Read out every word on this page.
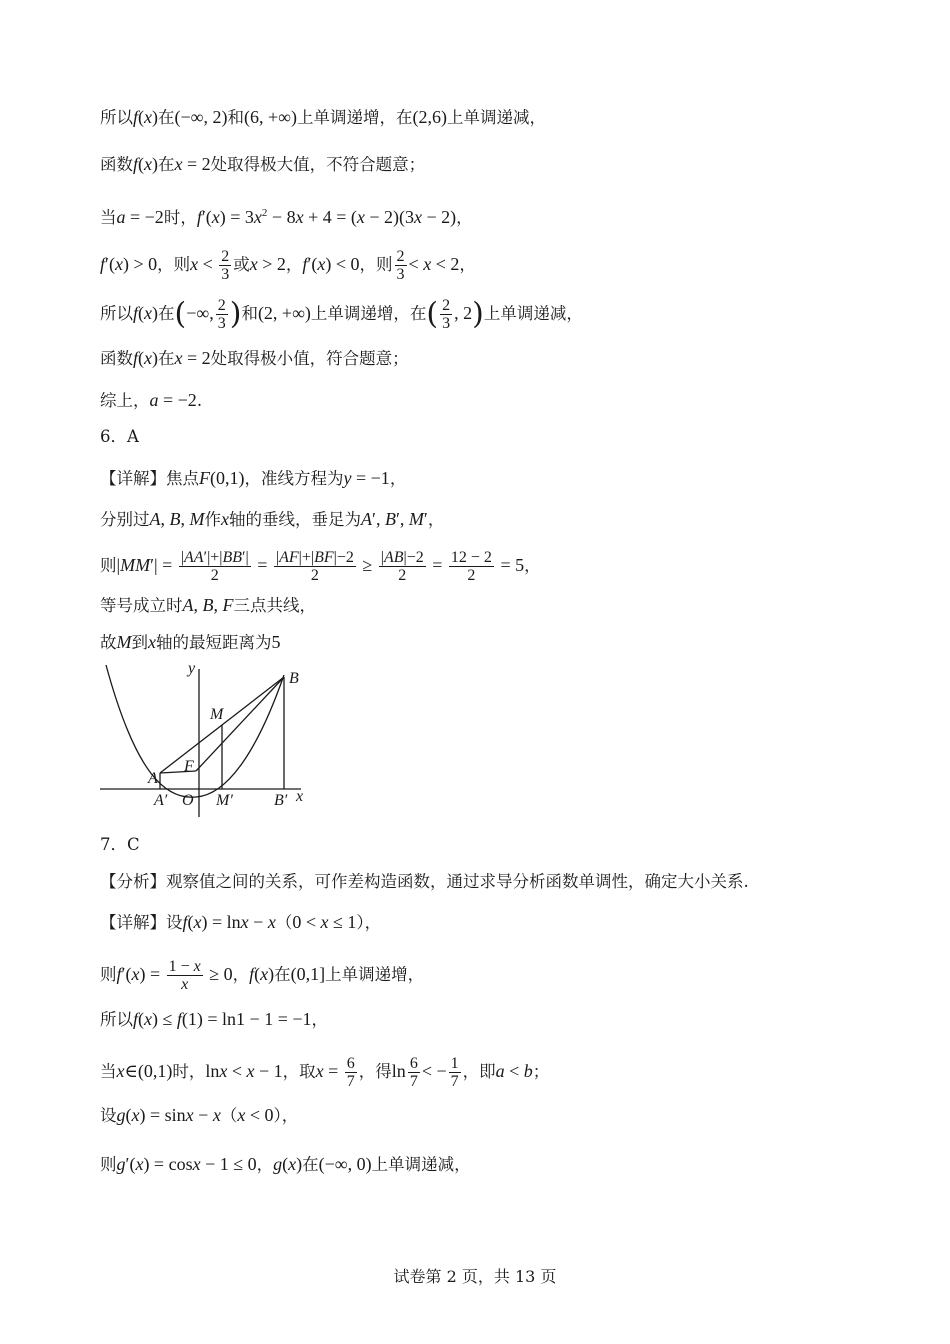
所以f(x)在(−∞, 2)和(6, +∞)上单调递增，在(2,6)上单调递减，
函数f(x)在x = 2处取得极大值，不符合题意；
当a = −2时，$f'(x) = 3x^2 - 8x + 4 = (x - 2)(3x - 2)$，
f′(x) > 0，则$x < \frac{2}{3}$ 或x > 2，f′(x) < 0，则 $\frac{2}{3} < x < 2$，
所以f(x)在(−∞, $\frac{2}{3}$ )和(2, +∞)上单调递增，在( $\frac{2}{3}$ , 2)上单调递减，
函数f(x)在x = 2处取得极小值，符合题意；
综上，a = −2.
6．A
【详解】焦点F(0,1)，准线方程为y = −1，
分别过A, B, M作x轴的垂线，垂足为A′, B′, M′，
则$|MM'| = \frac{|AA'|+|BB'|}{2} = \frac{|AF|+|BF|-2}{2} \ge \frac{|AB|-2}{2} = \frac{12 - 2}{2} = 5$，
等号成立时A, B, F三点共线，
故M到x轴的最短距离为5
y
B
M
F
A
A′ O M′	B′ x
7．C
【分析】观察值之间的关系，可作差构造函数，通过求导分析函数单调性，确定大小关系.
【详解】设f(x) = lnx − x（0 < x ≤ 1），
则$f'(x) = \frac{1 - x}{x} \ge 0$，f(x)在(0,1]上单调递增，
所以f(x) ≤ f(1) = ln1 − 1 = −1，
当x∈(0,1)时，lnx < x − 1，取$x = \frac{6}{7}$ ，得$\ln \frac{6}{7}$ < − $\frac{1}{7}$ ，即a < b；
设g(x) = sinx − x（x < 0），
则g′(x) = cosx − 1 ≤ 0，g(x)在(−∞, 0)上单调递减，
试卷第 2 页，共 13 页
